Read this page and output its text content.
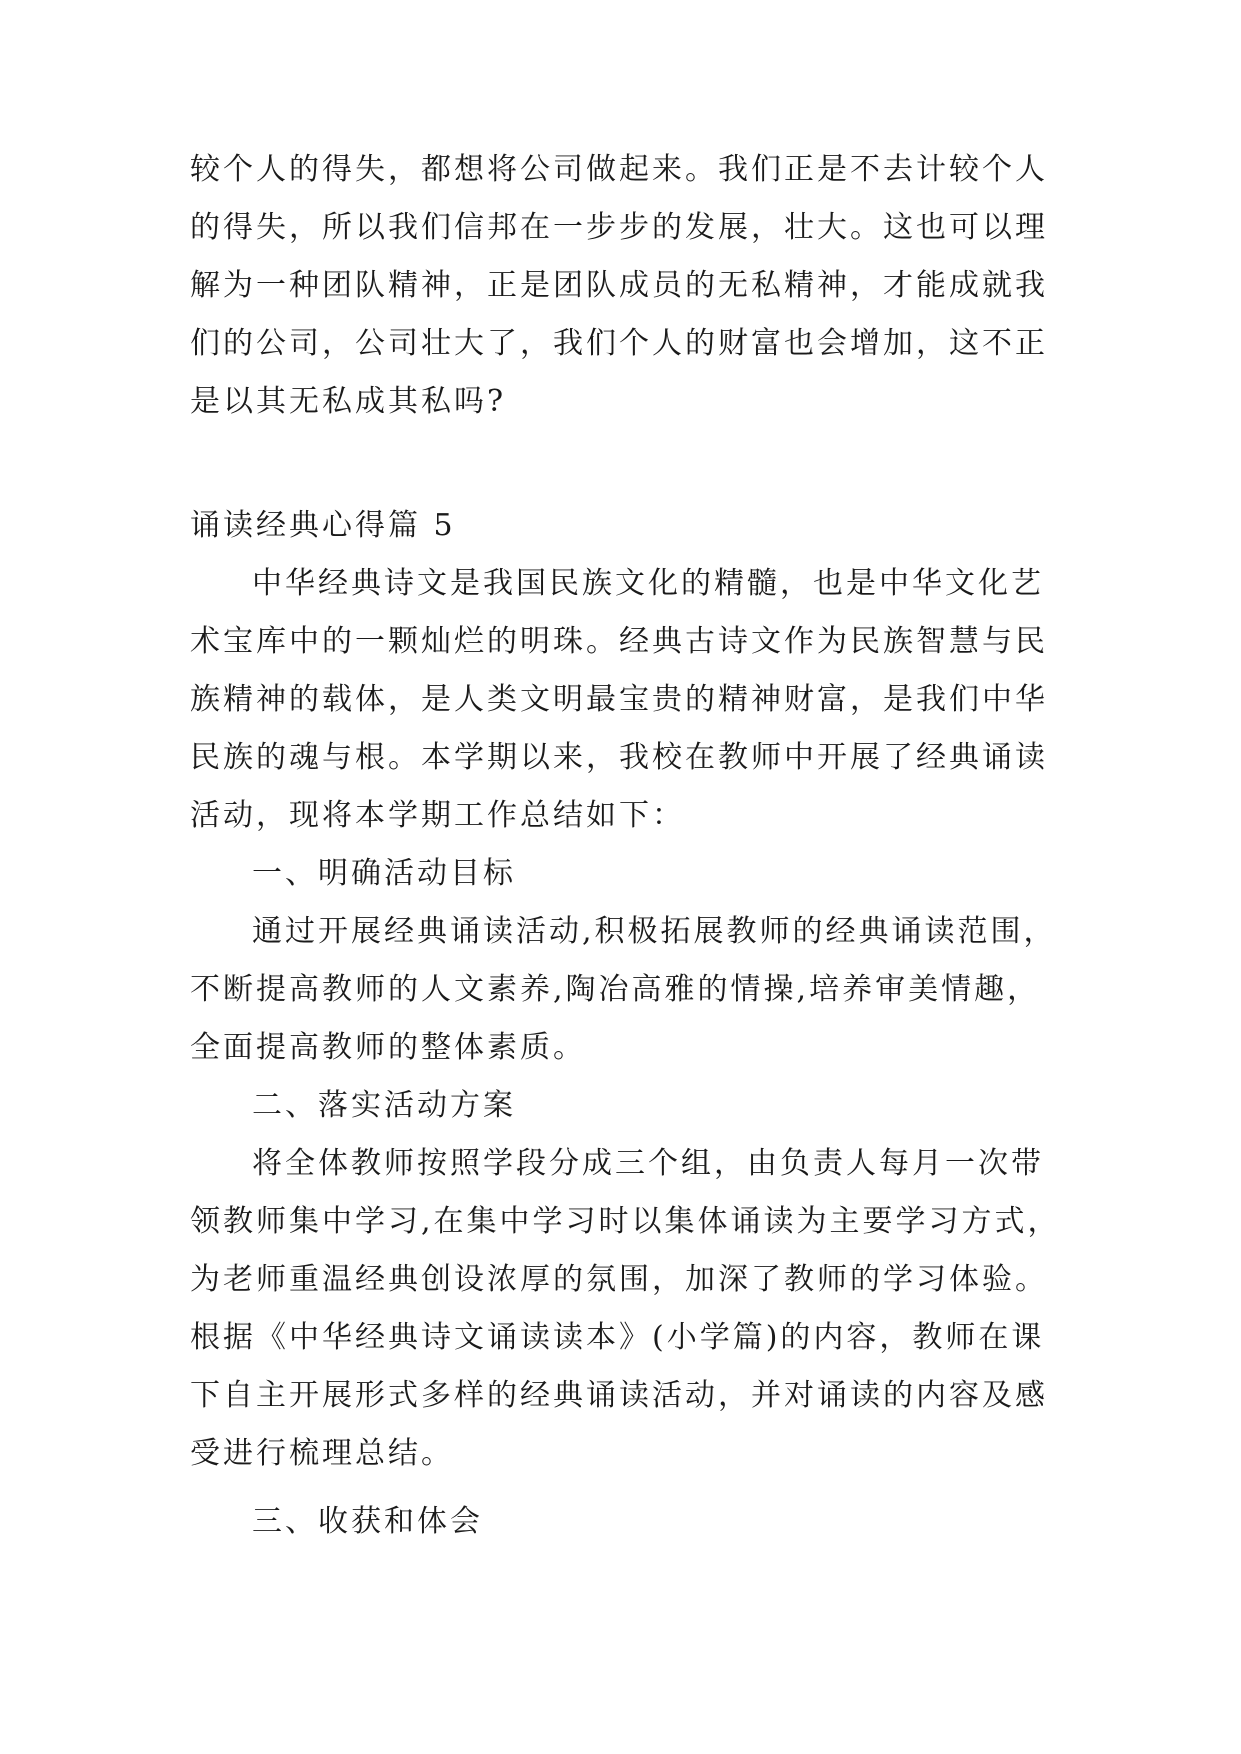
较个人的得失，都想将公司做起来。我们正是不去计较个人
的得失，所以我们信邦在一步步的发展，壮大。这也可以理
解为一种团队精神，正是团队成员的无私精神，才能成就我
们的公司，公司壮大了，我们个人的财富也会增加，这不正
是以其无私成其私吗?
诵读经典心得篇 5
中华经典诗文是我国民族文化的精髓，也是中华文化艺
术宝库中的一颗灿烂的明珠。经典古诗文作为民族智慧与民
族精神的载体，是人类文明最宝贵的精神财富，是我们中华
民族的魂与根。本学期以来，我校在教师中开展了经典诵读
活动，现将本学期工作总结如下：
一、明确活动目标
通过开展经典诵读活动,积极拓展教师的经典诵读范围，
不断提高教师的人文素养,陶冶高雅的情操,培养审美情趣，
全面提高教师的整体素质。
二、落实活动方案
将全体教师按照学段分成三个组，由负责人每月一次带
领教师集中学习,在集中学习时以集体诵读为主要学习方式，
为老师重温经典创设浓厚的氛围，加深了教师的学习体验。
根据《中华经典诗文诵读读本》(小学篇)的内容，教师在课
下自主开展形式多样的经典诵读活动，并对诵读的内容及感
受进行梳理总结。
三、收获和体会
